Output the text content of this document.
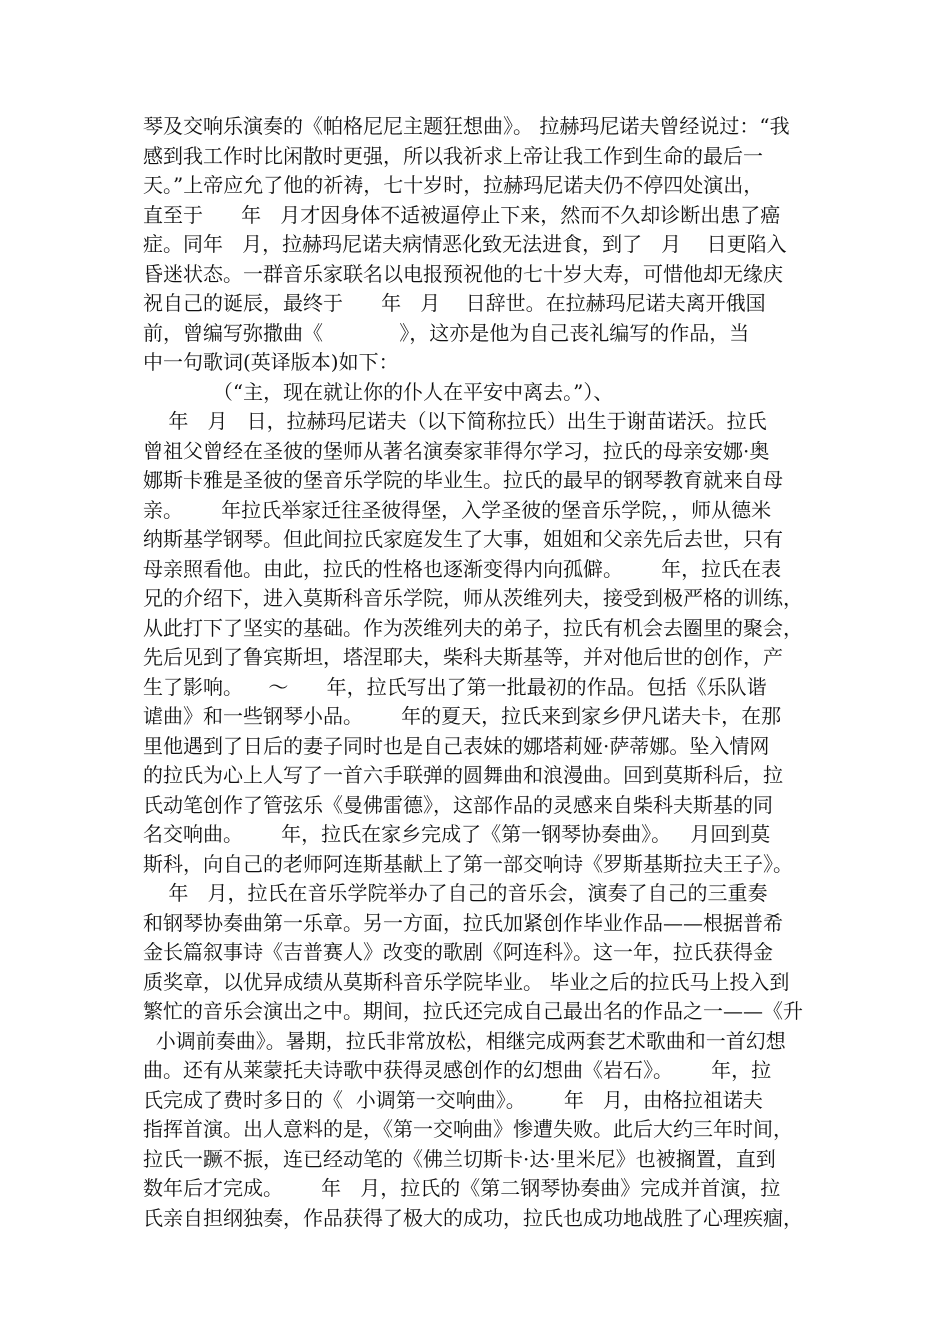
琴及交响乐演奏的《帕格尼尼主题狂想曲》。 拉赫玛尼诺夫曾经说过：“我
感到我工作时比闲散时更强，所以我祈求上帝让我工作到生命的最后一
天。”上帝应允了他的祈祷，七十岁时，拉赫玛尼诺夫仍不停四处演出，
直至于      年   月才因身体不适被逼停止下来，然而不久却诊断出患了癌
症。同年   月，拉赫玛尼诺夫病情恶化致无法进食，到了   月    日更陷入
昏迷状态。一群音乐家联名以电报预祝他的七十岁大寿，可惜他却无缘庆
祝自己的诞辰，最终于      年   月    日辞世。在拉赫玛尼诺夫离开俄国
前，曾编写弥撒曲《            》，这亦是他为自己丧礼编写的作品，当
中一句歌词(英译版本)如下：
（“主，现在就让你的仆人在平安中离去。”）、
年   月   日，拉赫玛尼诺夫（以下简称拉氏）出生于谢苗诺沃。拉氏
曾祖父曾经在圣彼的堡师从著名演奏家菲得尔学习，拉氏的母亲安娜·奥
娜斯卡雅是圣彼的堡音乐学院的毕业生。拉氏的最早的钢琴教育就来自母
亲。      年拉氏举家迁往圣彼得堡，入学圣彼的堡音乐学院，，师从德米
纳斯基学钢琴。但此间拉氏家庭发生了大事，姐姐和父亲先后去世，只有
母亲照看他。由此，拉氏的性格也逐渐变得内向孤僻。      年，拉氏在表
兄的介绍下，进入莫斯科音乐学院，师从茨维列夫，接受到极严格的训练，
从此打下了坚实的基础。作为茨维列夫的弟子，拉氏有机会去圈里的聚会，
先后见到了鲁宾斯坦，塔涅耶夫，柴科夫斯基等，并对他后世的创作，产
生了影响。    ～      年，拉氏写出了第一批最初的作品。包括《乐队谐
谑曲》和一些钢琴小品。      年的夏天，拉氏来到家乡伊凡诺夫卡，在那
里他遇到了日后的妻子同时也是自己表妹的娜塔莉娅·萨蒂娜。坠入情网
的拉氏为心上人写了一首六手联弹的圆舞曲和浪漫曲。回到莫斯科后，拉
氏动笔创作了管弦乐《曼佛雷德》，这部作品的灵感来自柴科夫斯基的同
名交响曲。      年，拉氏在家乡完成了《第一钢琴协奏曲》。   月回到莫
斯科，向自己的老师阿连斯基献上了第一部交响诗《罗斯基斯拉夫王子》。
年   月，拉氏在音乐学院举办了自己的音乐会，演奏了自己的三重奏
和钢琴协奏曲第一乐章。另一方面，拉氏加紧创作毕业作品——根据普希
金长篇叙事诗《吉普赛人》改变的歌剧《阿连科》。这一年，拉氏获得金
质奖章，以优异成绩从莫斯科音乐学院毕业。 毕业之后的拉氏马上投入到
繁忙的音乐会演出之中。期间，拉氏还完成自己最出名的作品之一——《升
小调前奏曲》。暑期，拉氏非常放松，相继完成两套艺术歌曲和一首幻想
曲。还有从莱蒙托夫诗歌中获得灵感创作的幻想曲《岩石》。      年，拉
氏完成了费时多日的《  小调第一交响曲》。      年   月，由格拉祖诺夫
指挥首演。出人意料的是，《第一交响曲》惨遭失败。此后大约三年时间，
拉氏一蹶不振，连已经动笔的《佛兰切斯卡·达·里米尼》也被搁置，直到
数年后才完成。      年   月，拉氏的《第二钢琴协奏曲》完成并首演，拉
氏亲自担纲独奏，作品获得了极大的成功，拉氏也成功地战胜了心理疾痼，
